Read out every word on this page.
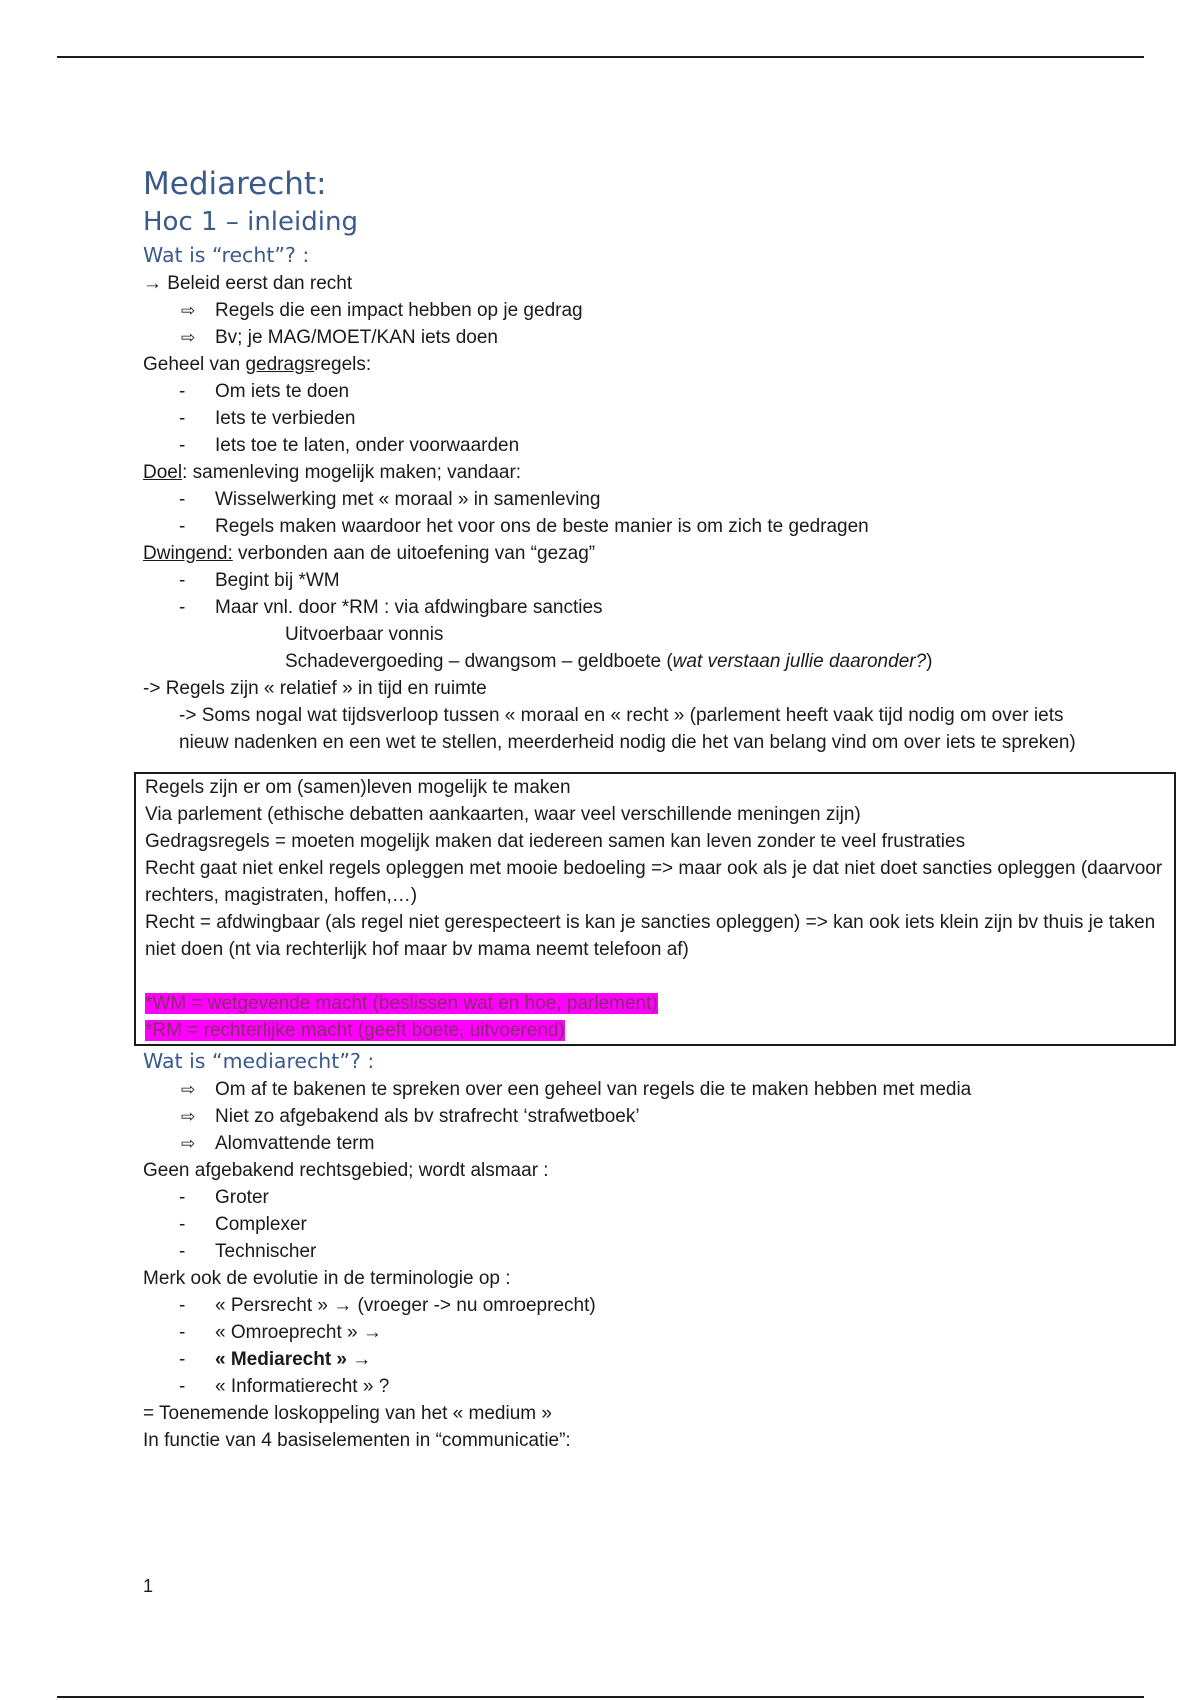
Mediarecht:
Hoc 1 – inleiding
Wat is “recht”? :
→ Beleid eerst dan recht
⇨ Regels die een impact hebben op je gedrag
⇨ Bv; je MAG/MOET/KAN iets doen
Geheel van gedragsregels:
- Om iets te doen
- Iets te verbieden
- Iets toe te laten, onder voorwaarden
Doel: samenleving mogelijk maken; vandaar:
- Wisselwerking met « moraal » in samenleving
- Regels maken waardoor het voor ons de beste manier is om zich te gedragen
Dwingend: verbonden aan de uitoefening van “gezag”
- Begint bij *WM
- Maar vnl. door *RM : via afdwingbare sancties
Uitvoerbaar vonnis
Schadevergoeding – dwangsom – geldboete (wat verstaan jullie daaronder?)
-> Regels zijn « relatief » in tijd en ruimte
-> Soms nogal wat tijdsverloop tussen « moraal en « recht » (parlement heeft vaak tijd nodig om over iets nieuw nadenken en een wet te stellen, meerderheid nodig die het van belang vind om over iets te spreken)
Regels zijn er om (samen)leven mogelijk te maken
Via parlement (ethische debatten aankaarten, waar veel verschillende meningen zijn)
Gedragsregels = moeten mogelijk maken dat iedereen samen kan leven zonder te veel frustraties
Recht gaat niet enkel regels opleggen met mooie bedoeling => maar ook als je dat niet doet sancties opleggen (daarvoor rechters, magistraten, hoffen,…)
Recht = afdwingbaar (als regel niet gerespecteert is kan je sancties opleggen) => kan ook iets klein zijn bv thuis je taken niet doen (nt via rechterlijk hof maar bv mama neemt telefoon af)
*WM = wetgevende macht (beslissen wat en hoe, parlement)
*RM = rechterlijke macht (geeft boete, uitvoerend)
Wat is “mediarecht”? :
⇨ Om af te bakenen te spreken over een geheel van regels die te maken hebben met media
⇨ Niet zo afgebakend als bv strafrecht ‘strafwetboek’
⇨ Alomvattende term
Geen afgebakend rechtsgebied; wordt alsmaar :
- Groter
- Complexer
- Technischer
Merk ook de evolutie in de terminologie op :
- « Persrecht » → (vroeger -> nu omroeprecht)
- « Omroeprecht » →
- « Mediarecht » →
- « Informatierecht » ?
= Toenemende loskoppeling van het « medium »
In functie van 4 basiselementen in “communicatie”:
1
